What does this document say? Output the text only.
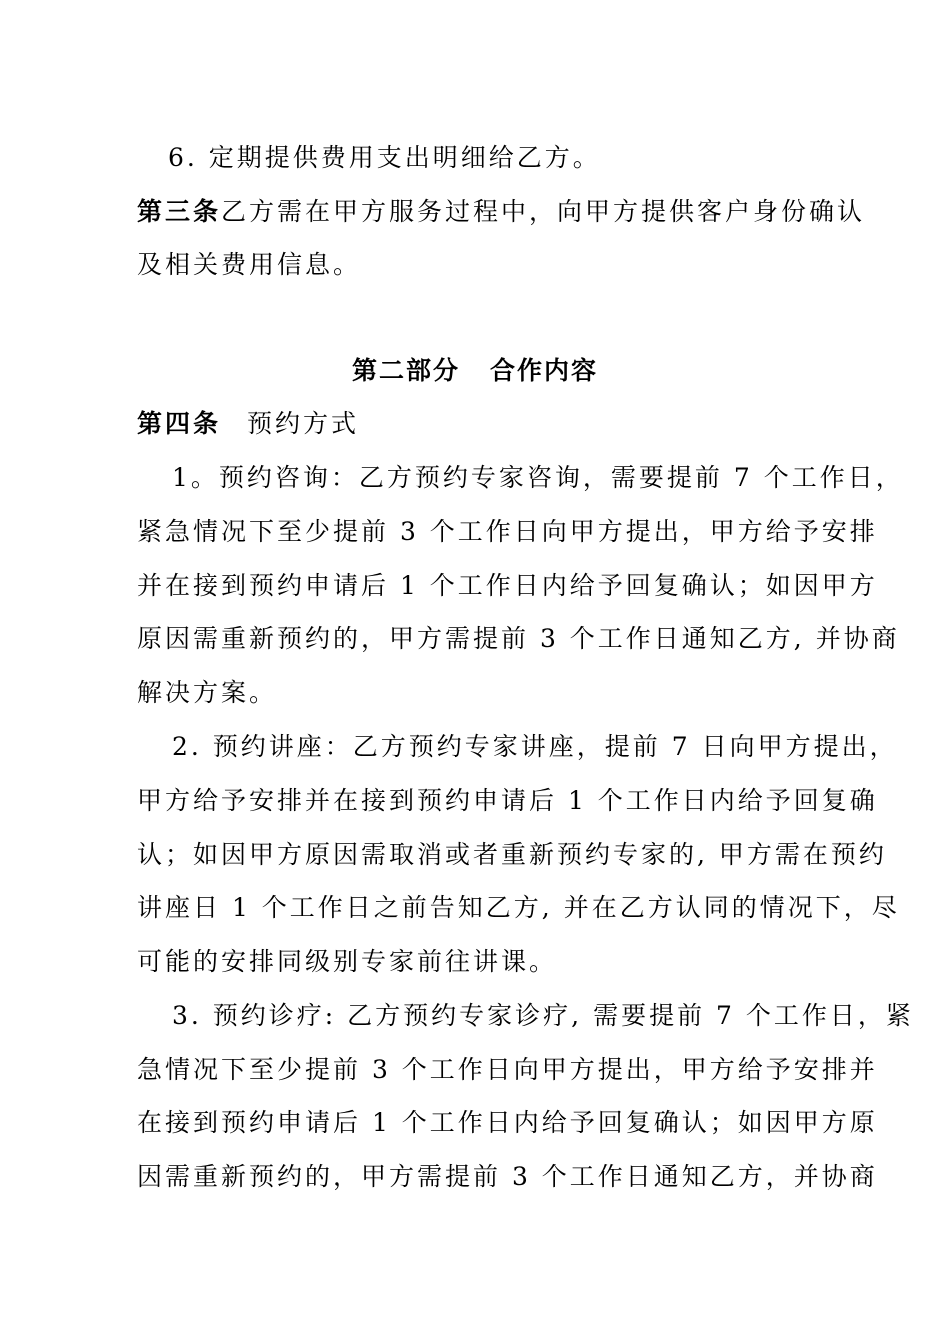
6. 定期提供费用支出明细给乙方。
第三条乙方需在甲方服务过程中，向甲方提供客户身份确认
及相关费用信息。
第二部分 合作内容
第四条 预约方式
1。预约咨询：乙方预约专家咨询，需要提前 7 个工作日，
紧急情况下至少提前 3 个工作日向甲方提出，甲方给予安排
并在接到预约申请后 1 个工作日内给予回复确认；如因甲方
原因需重新预约的，甲方需提前 3 个工作日通知乙方, 并协商
解决方案。
2. 预约讲座：乙方预约专家讲座，提前 7 日向甲方提出，
甲方给予安排并在接到预约申请后 1 个工作日内给予回复确
认；如因甲方原因需取消或者重新预约专家的, 甲方需在预约
讲座日 1 个工作日之前告知乙方, 并在乙方认同的情况下，尽
可能的安排同级别专家前往讲课。
3. 预约诊疗: 乙方预约专家诊疗, 需要提前 7 个工作日，紧
急情况下至少提前 3 个工作日向甲方提出，甲方给予安排并
在接到预约申请后 1 个工作日内给予回复确认；如因甲方原
因需重新预约的，甲方需提前 3 个工作日通知乙方，并协商
